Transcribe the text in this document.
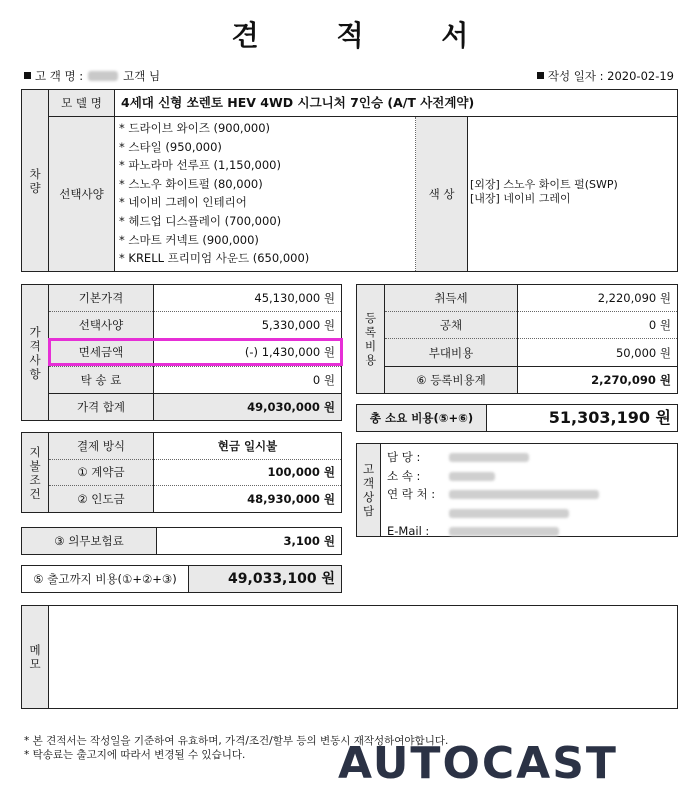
견 적 서
고 객 명 :	고객 님	작성 일자 : 2020-02-19
차량
모 델 명	4세대 신형 쏘렌토 HEV 4WD 시그니처 7인승 (A/T 사전계약)
선택사양
* 드라이브 와이즈 (900,000)
* 스타일 (950,000)
* 파노라마 선루프 (1,150,000)
* 스노우 화이트펄 (80,000)
* 네이비 그레이 인테리어
* 헤드업 디스플레이 (700,000)
* 스마트 커넥트 (900,000)
* KRELL 프리미엄 사운드 (650,000)
색 상
[외장] 스노우 화이트 펄(SWP)
[내장] 네이비 그레이
가격사항
기본가격	45,130,000 원
선택사양	5,330,000 원
면세금액	(-) 1,430,000 원
탁 송 료	0 원
가격 합계	49,030,000 원
등록비용
취득세	2,220,090 원
공채	0 원
부대비용	50,000 원
⑥ 등록비용계	2,270,090 원
총 소요 비용(⑤+⑥)	51,303,190 원
지불조건
결제 방식	현금 일시불
① 계약금	100,000 원
② 인도금	48,930,000 원
고객상담
담 당 :
소 속 :
연 락 처 :
E-Mail :
③ 의무보험료	3,100 원
⑤ 출고까지 비용(①+②+③)	49,033,100 원
메모
* 본 견적서는 작성일을 기준하여 유효하며, 가격/조건/할부 등의 변동시 재작성하여야합니다.
* 탁송료는 출고지에 따라서 변경될 수 있습니다.	AUTOCAST
